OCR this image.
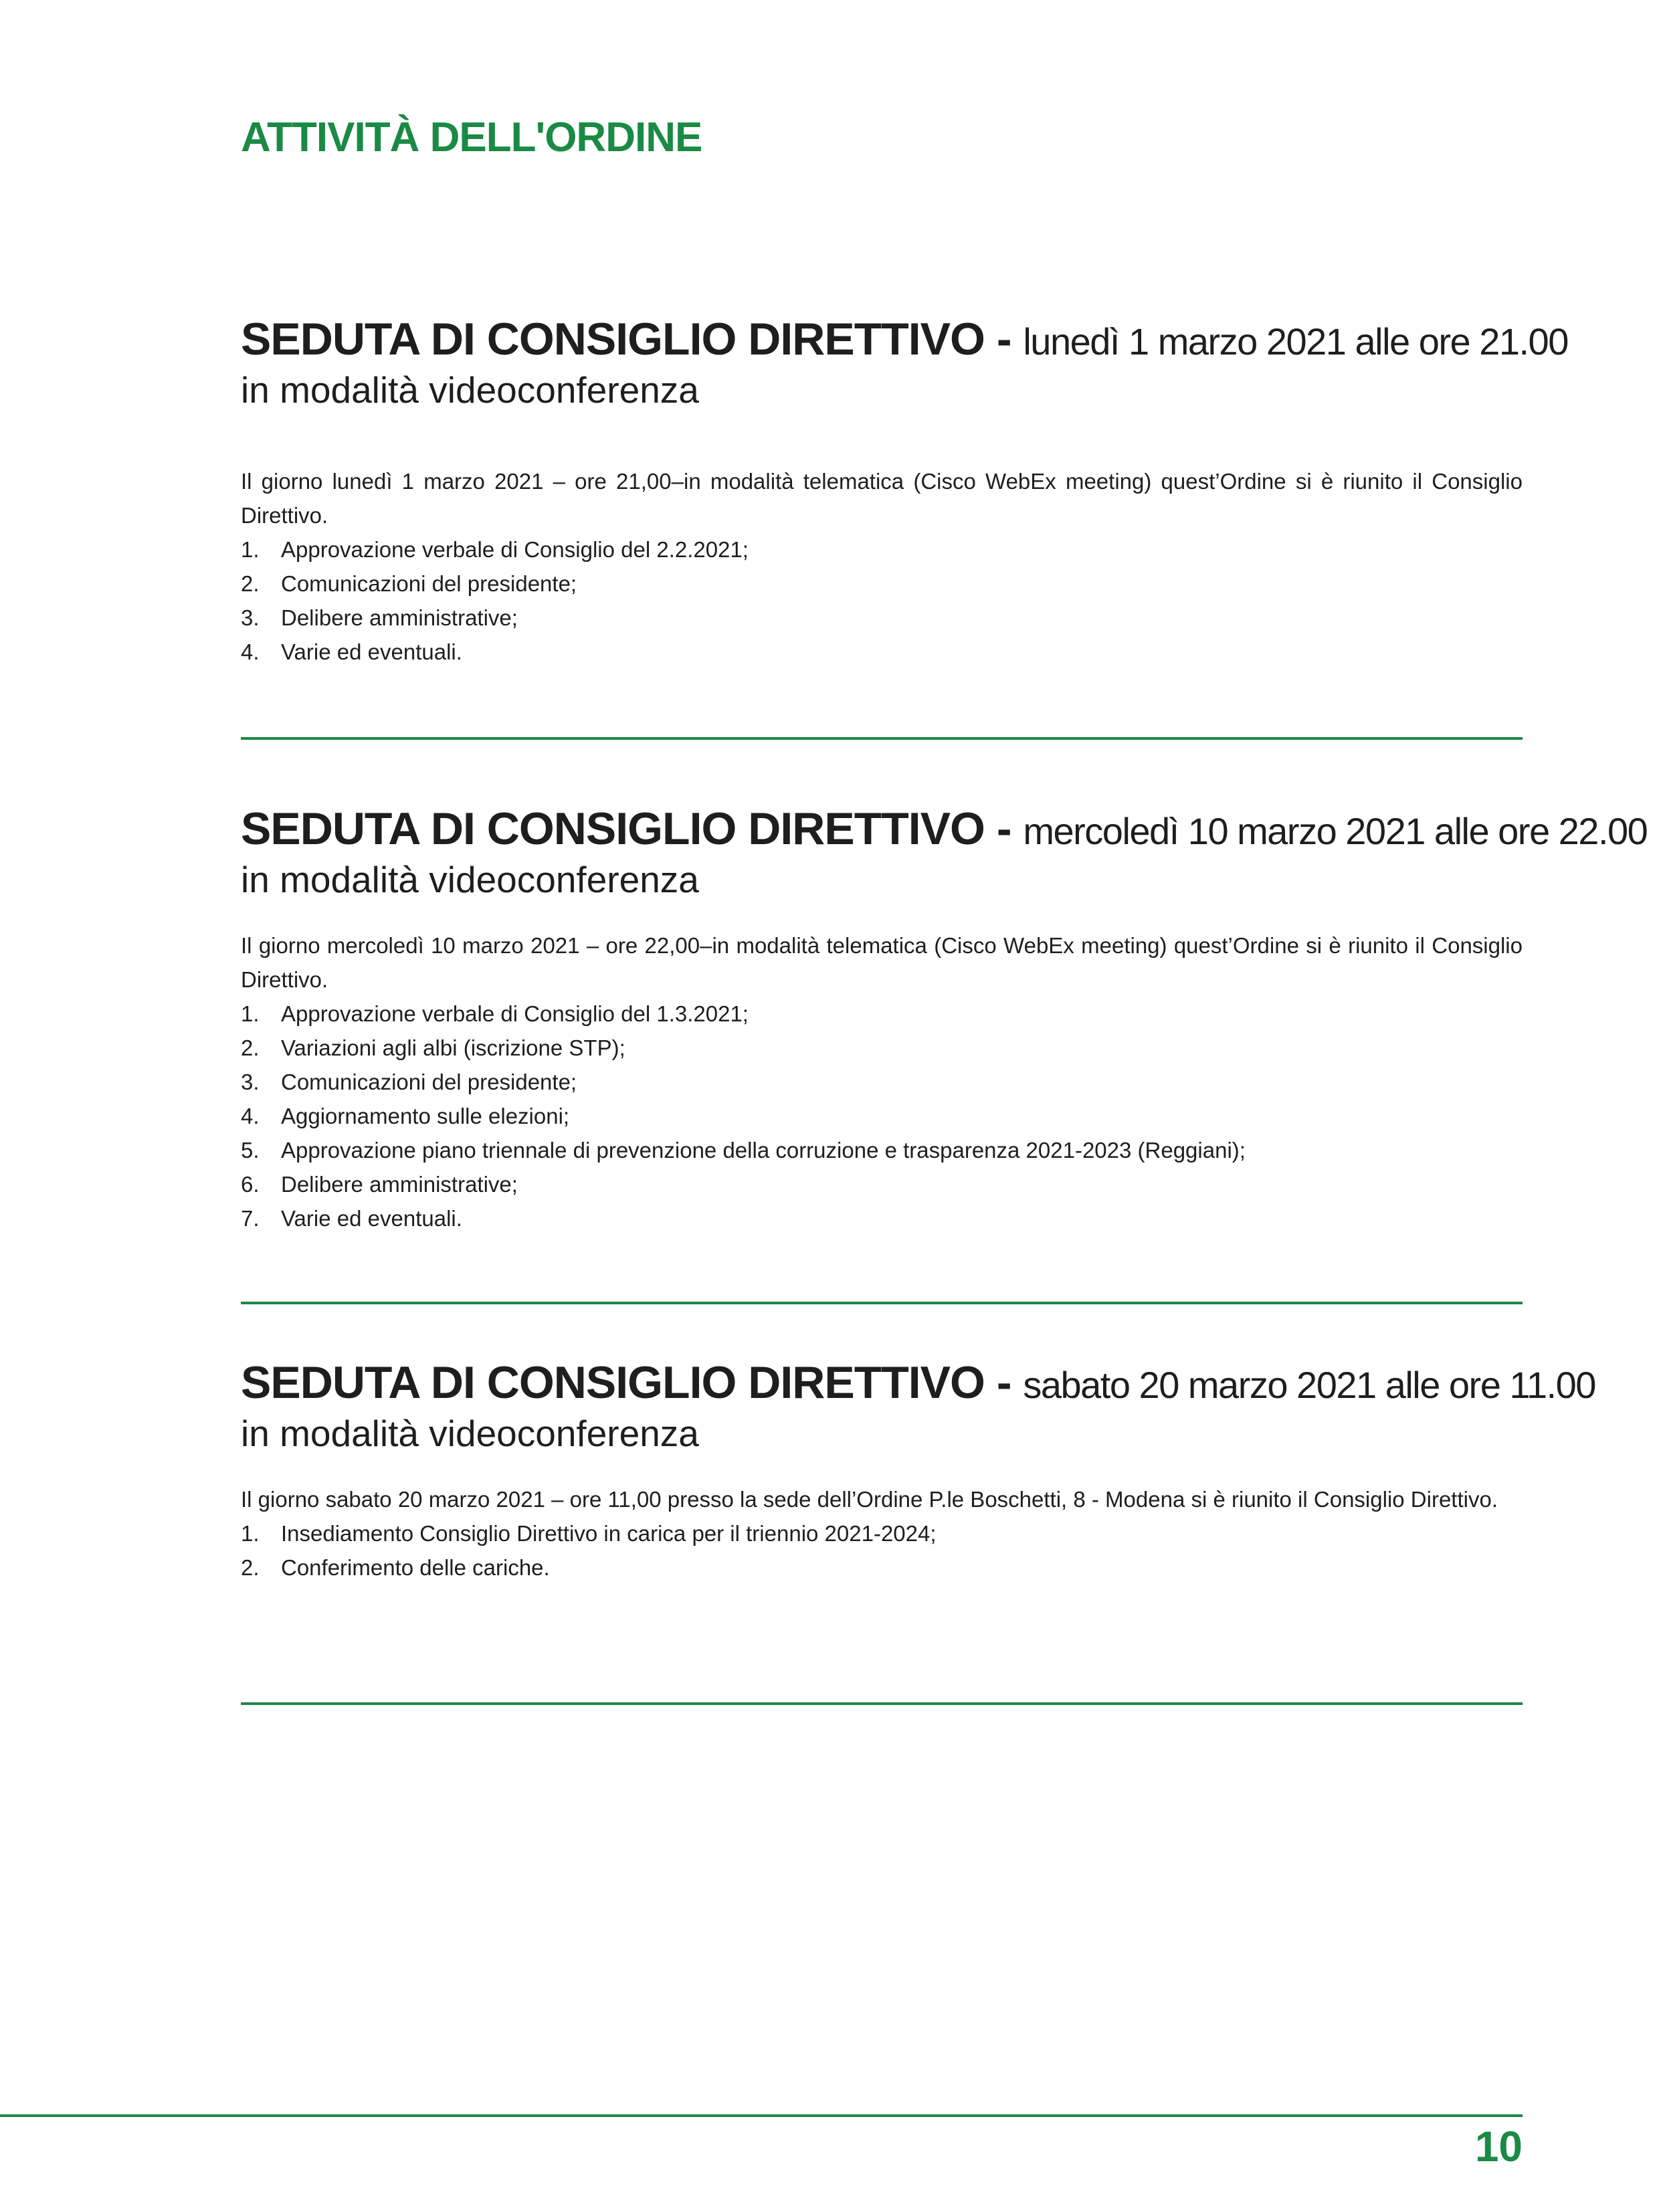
ATTIVITÀ DELL'ORDINE
SEDUTA DI CONSIGLIO DIRETTIVO - lunedì 1 marzo 2021 alle ore 21.00

in modalità videoconferenza

Il giorno lunedì 1 marzo 2021 – ore 21,00–in modalità telematica (Cisco WebEx meeting) quest’Ordine si è riunito il Consiglio Direttivo.

1. Approvazione verbale di Consiglio del 2.2.2021;
2. Comunicazioni del presidente;
3. Delibere amministrative;
4. Varie ed eventuali.
SEDUTA DI CONSIGLIO DIRETTIVO - mercoledì 10 marzo 2021 alle ore 22.00

in modalità videoconferenza

Il giorno mercoledì 10 marzo 2021 – ore 22,00–in modalità telematica (Cisco WebEx meeting) quest’Ordine si è riunito il Consiglio Direttivo.

1. Approvazione verbale di Consiglio del 1.3.2021;
2. Variazioni agli albi (iscrizione STP);
3. Comunicazioni del presidente;
4. Aggiornamento sulle elezioni;
5. Approvazione piano triennale di prevenzione della corruzione e trasparenza 2021-2023 (Reggiani);
6. Delibere amministrative;
7. Varie ed eventuali.
SEDUTA DI CONSIGLIO DIRETTIVO - sabato 20 marzo 2021 alle ore 11.00

in modalità videoconferenza

Il giorno sabato 20 marzo 2021 – ore 11,00 presso la sede dell’Ordine P.le Boschetti, 8 - Modena si è riunito il Consiglio Direttivo.

1. Insediamento Consiglio Direttivo in carica per il triennio 2021-2024;
2. Conferimento delle cariche.
10
